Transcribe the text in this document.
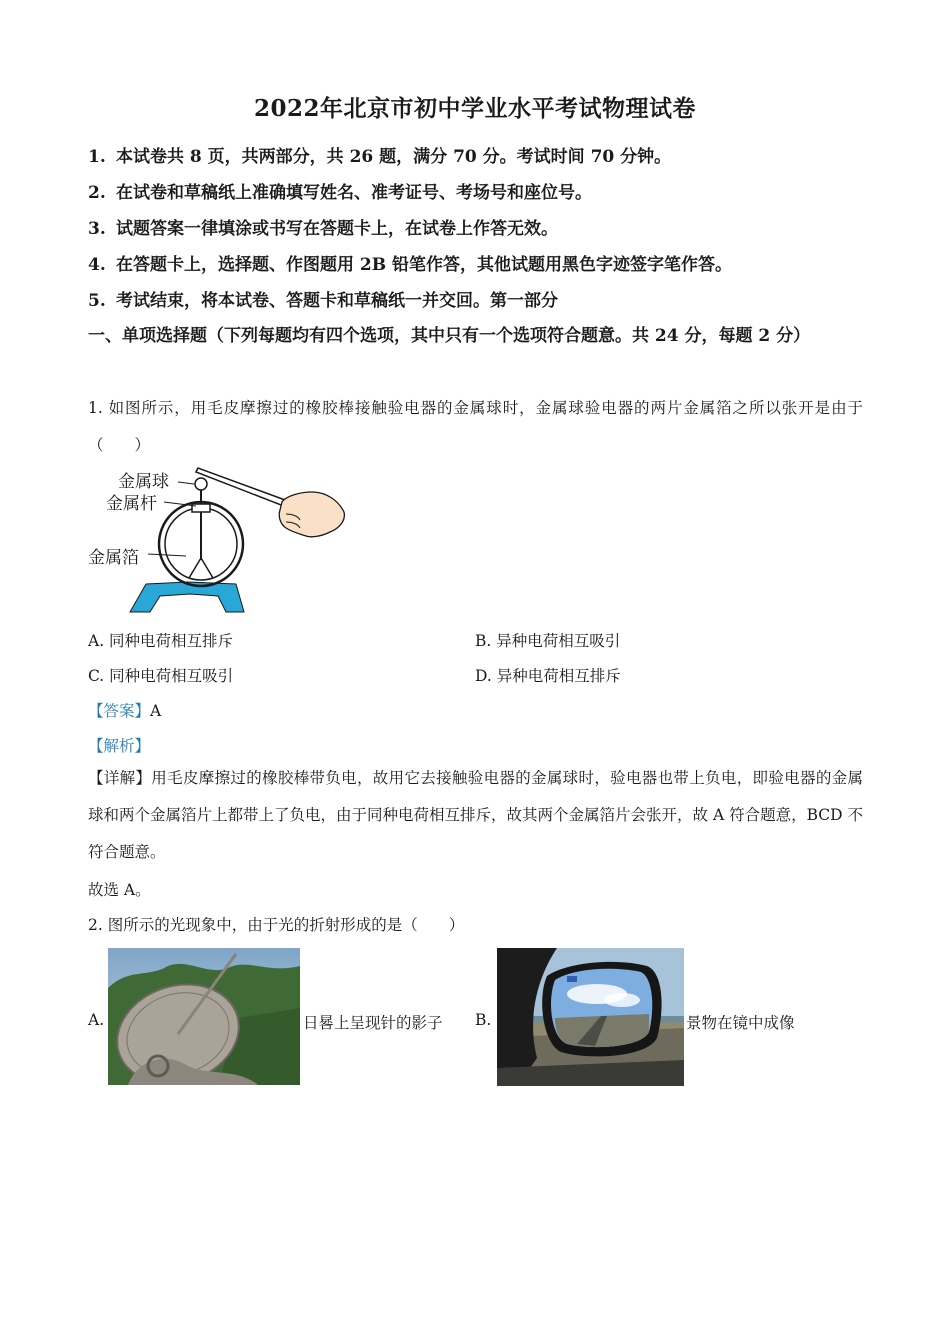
2022年北京市初中学业水平考试物理试卷
1. 本试卷共 8 页，共两部分，共 26 题，满分 70 分。考试时间 70 分钟。
2. 在试卷和草稿纸上准确填写姓名、准考证号、考场号和座位号。
3. 试题答案一律填涂或书写在答题卡上，在试卷上作答无效。
4. 在答题卡上，选择题、作图题用 2B 铅笔作答，其他试题用黑色字迹签字笔作答。
5. 考试结束，将本试卷、答题卡和草稿纸一并交回。第一部分
一、单项选择题（下列每题均有四个选项，其中只有一个选项符合题意。共 24 分，每题 2 分）
1. 如图所示，用毛皮摩擦过的橡胶棒接触验电器的金属球时，金属球验电器的两片金属箔之所以张开是由于（　　）
金属球
金属杆
金属箔
A. 同种电荷相互排斥	B. 异种电荷相互吸引
C. 同种电荷相互吸引	D. 异种电荷相互排斥
【答案】A
【解析】
【详解】用毛皮摩擦过的橡胶棒带负电，故用它去接触验电器的金属球时，验电器也带上负电，即验电器的金属球和两个金属箔片上都带上了负电，由于同种电荷相互排斥，故其两个金属箔片会张开，故 A 符合题意，BCD 不符合题意。
故选 A。
2. 图所示的光现象中，由于光的折射形成的是（　　）
A.	日晷上呈现针的影子 B.	景物在镜中成像
